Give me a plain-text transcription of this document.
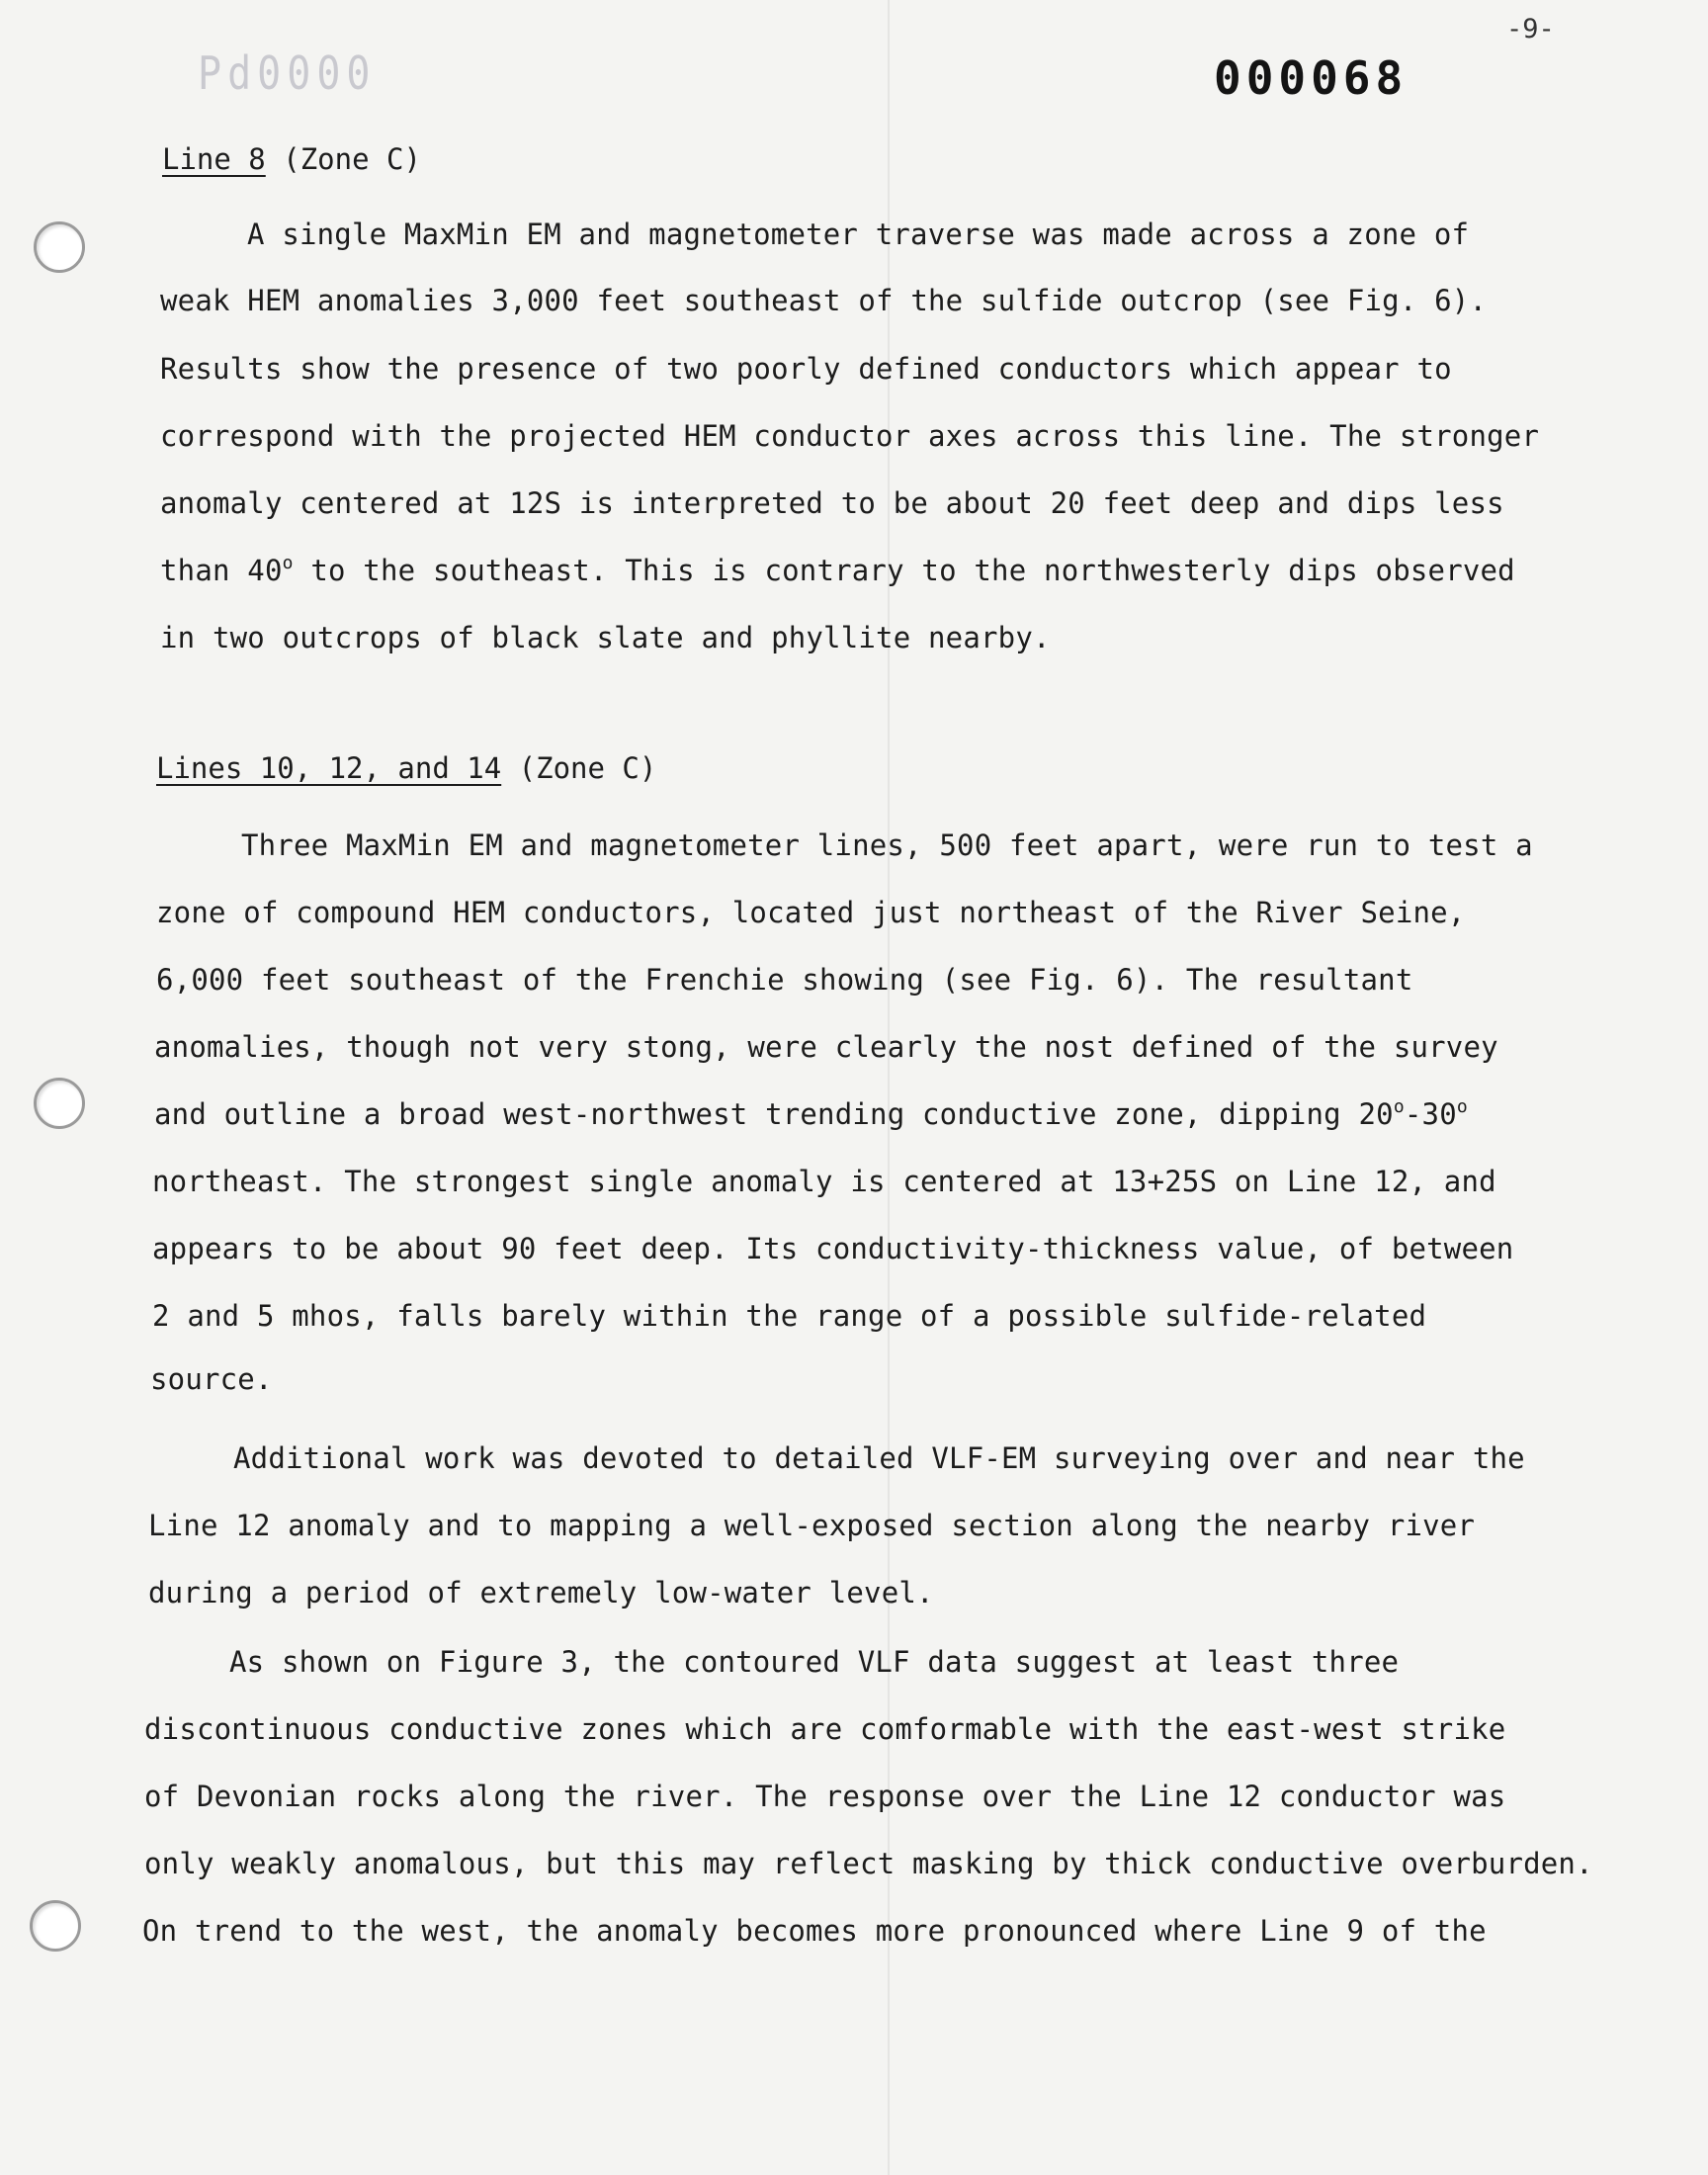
-9-
Pd0000	000068
Line 8 (Zone C)
A single MaxMin EM and magnetometer traverse was made across a zone of
weak HEM anomalies 3,000 feet southeast of the sulfide outcrop (see Fig. 6).
Results show the presence of two poorly defined conductors which appear to
correspond with the projected HEM conductor axes across this line. The stronger
anomaly centered at 12S is interpreted to be about 20 feet deep and dips less
than 40$^o$ to the southeast. This is contrary to the northwesterly dips observed
in two outcrops of black slate and phyllite nearby.
Lines 10, 12, and 14 (Zone C)
Three MaxMin EM and magnetometer lines, 500 feet apart, were run to test a
zone of compound HEM conductors, located just northeast of the River Seine,
6,000 feet southeast of the Frenchie showing (see Fig. 6). The resultant
anomalies, though not very stong, were clearly the nost defined of the survey
and outline a broad west-northwest trending conductive zone, dipping 20$^o$-30$^o$
northeast. The strongest single anomaly is centered at 13+25S on Line 12, and
appears to be about 90 feet deep. Its conductivity-thickness value, of between
2 and 5 mhos, falls barely within the range of a possible sulfide-related
source.
Additional work was devoted to detailed VLF-EM surveying over and near the
Line 12 anomaly and to mapping a well-exposed section along the nearby river
during a period of extremely low-water level.
As shown on Figure 3, the contoured VLF data suggest at least three
discontinuous conductive zones which are comformable with the east-west strike
of Devonian rocks along the river. The response over the Line 12 conductor was
only weakly anomalous, but this may reflect masking by thick conductive overburden.
On trend to the west, the anomaly becomes more pronounced where Line 9 of the
